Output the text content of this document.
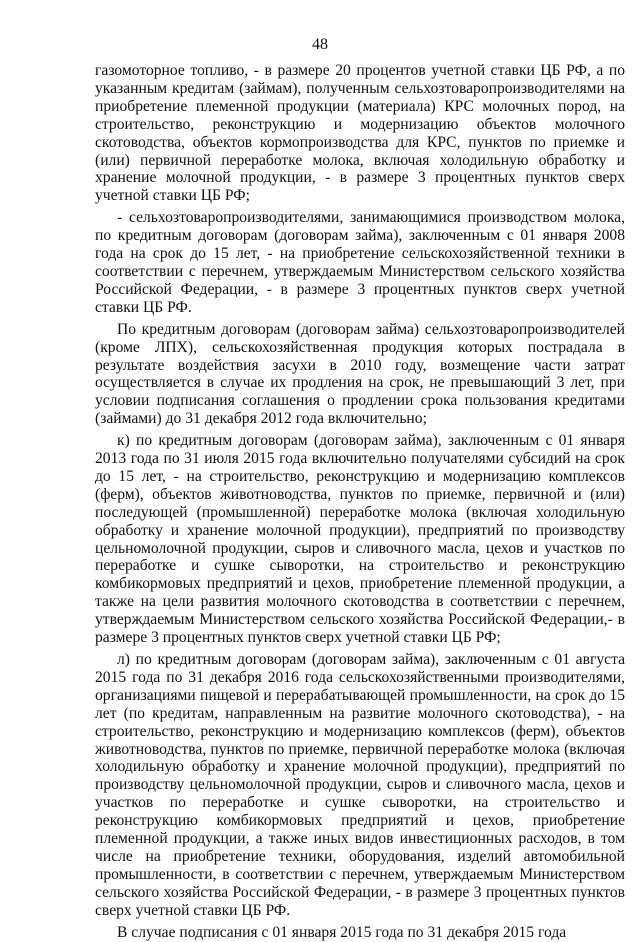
48

газомоторное топливо, - в размере 20 процентов учетной ставки ЦБ РФ, а по указанным кредитам (займам), полученным сельхозтоваропроизводителями на приобретение племенной продукции (материала) КРС молочных пород, на строительство, реконструкцию и модернизацию объектов молочного скотоводства, объектов кормопроизводства для КРС, пунктов по приемке и (или) первичной переработке молока, включая холодильную обработку и хранение молочной продукции, - в размере 3 процентных пунктов сверх учетной ставки ЦБ РФ;

- сельхозтоваропроизводителями, занимающимися производством молока, по кредитным договорам (договорам займа), заключенным с 01 января 2008 года на срок до 15 лет, - на приобретение сельскохозяйственной техники в соответствии с перечнем, утверждаемым Министерством сельского хозяйства Российской Федерации, - в размере 3 процентных пунктов сверх учетной ставки ЦБ РФ.

По кредитным договорам (договорам займа) сельхозтоваропроизводителей (кроме ЛПХ), сельскохозяйственная продукция которых пострадала в результате воздействия засухи в 2010 году, возмещение части затрат осуществляется в случае их продления на срок, не превышающий 3 лет, при условии подписания соглашения о продлении срока пользования кредитами (займами) до 31 декабря 2012 года включительно;

к) по кредитным договорам (договорам займа), заключенным с 01 января 2013 года по 31 июля 2015 года включительно получателями субсидий на срок до 15 лет, - на строительство, реконструкцию и модернизацию комплексов (ферм), объектов животноводства, пунктов по приемке, первичной и (или) последующей (промышленной) переработке молока (включая холодильную обработку и хранение молочной продукции), предприятий по производству цельномолочной продукции, сыров и сливочного масла, цехов и участков по переработке и сушке сыворотки, на строительство и реконструкцию комбикормовых предприятий и цехов, приобретение племенной продукции, а также на цели развития молочного скотоводства в соответствии с перечнем, утверждаемым Министерством сельского хозяйства Российской Федерации,- в размере 3 процентных пунктов сверх учетной ставки ЦБ РФ;

л) по кредитным договорам (договорам займа), заключенным с 01 августа 2015 года по 31 декабря 2016 года сельскохозяйственными производителями, организациями пищевой и перерабатывающей промышленности, на срок до 15 лет (по кредитам, направленным на развитие молочного скотоводства), - на строительство, реконструкцию и модернизацию комплексов (ферм), объектов животноводства, пунктов по приемке, первичной переработке молока (включая холодильную обработку и хранение молочной продукции), предприятий по производству цельномолочной продукции, сыров и сливочного масла, цехов и участков по переработке и сушке сыворотки, на строительство и реконструкцию комбикормовых предприятий и цехов, приобретение племенной продукции, а также иных видов инвестиционных расходов, в том числе на приобретение техники, оборудования, изделий автомобильной промышленности, в соответствии с перечнем, утверждаемым Министерством сельского хозяйства Российской Федерации, - в размере 3 процентных пунктов сверх учетной ставки ЦБ РФ.

В случае подписания с 01 января 2015 года по 31 декабря 2015 года
